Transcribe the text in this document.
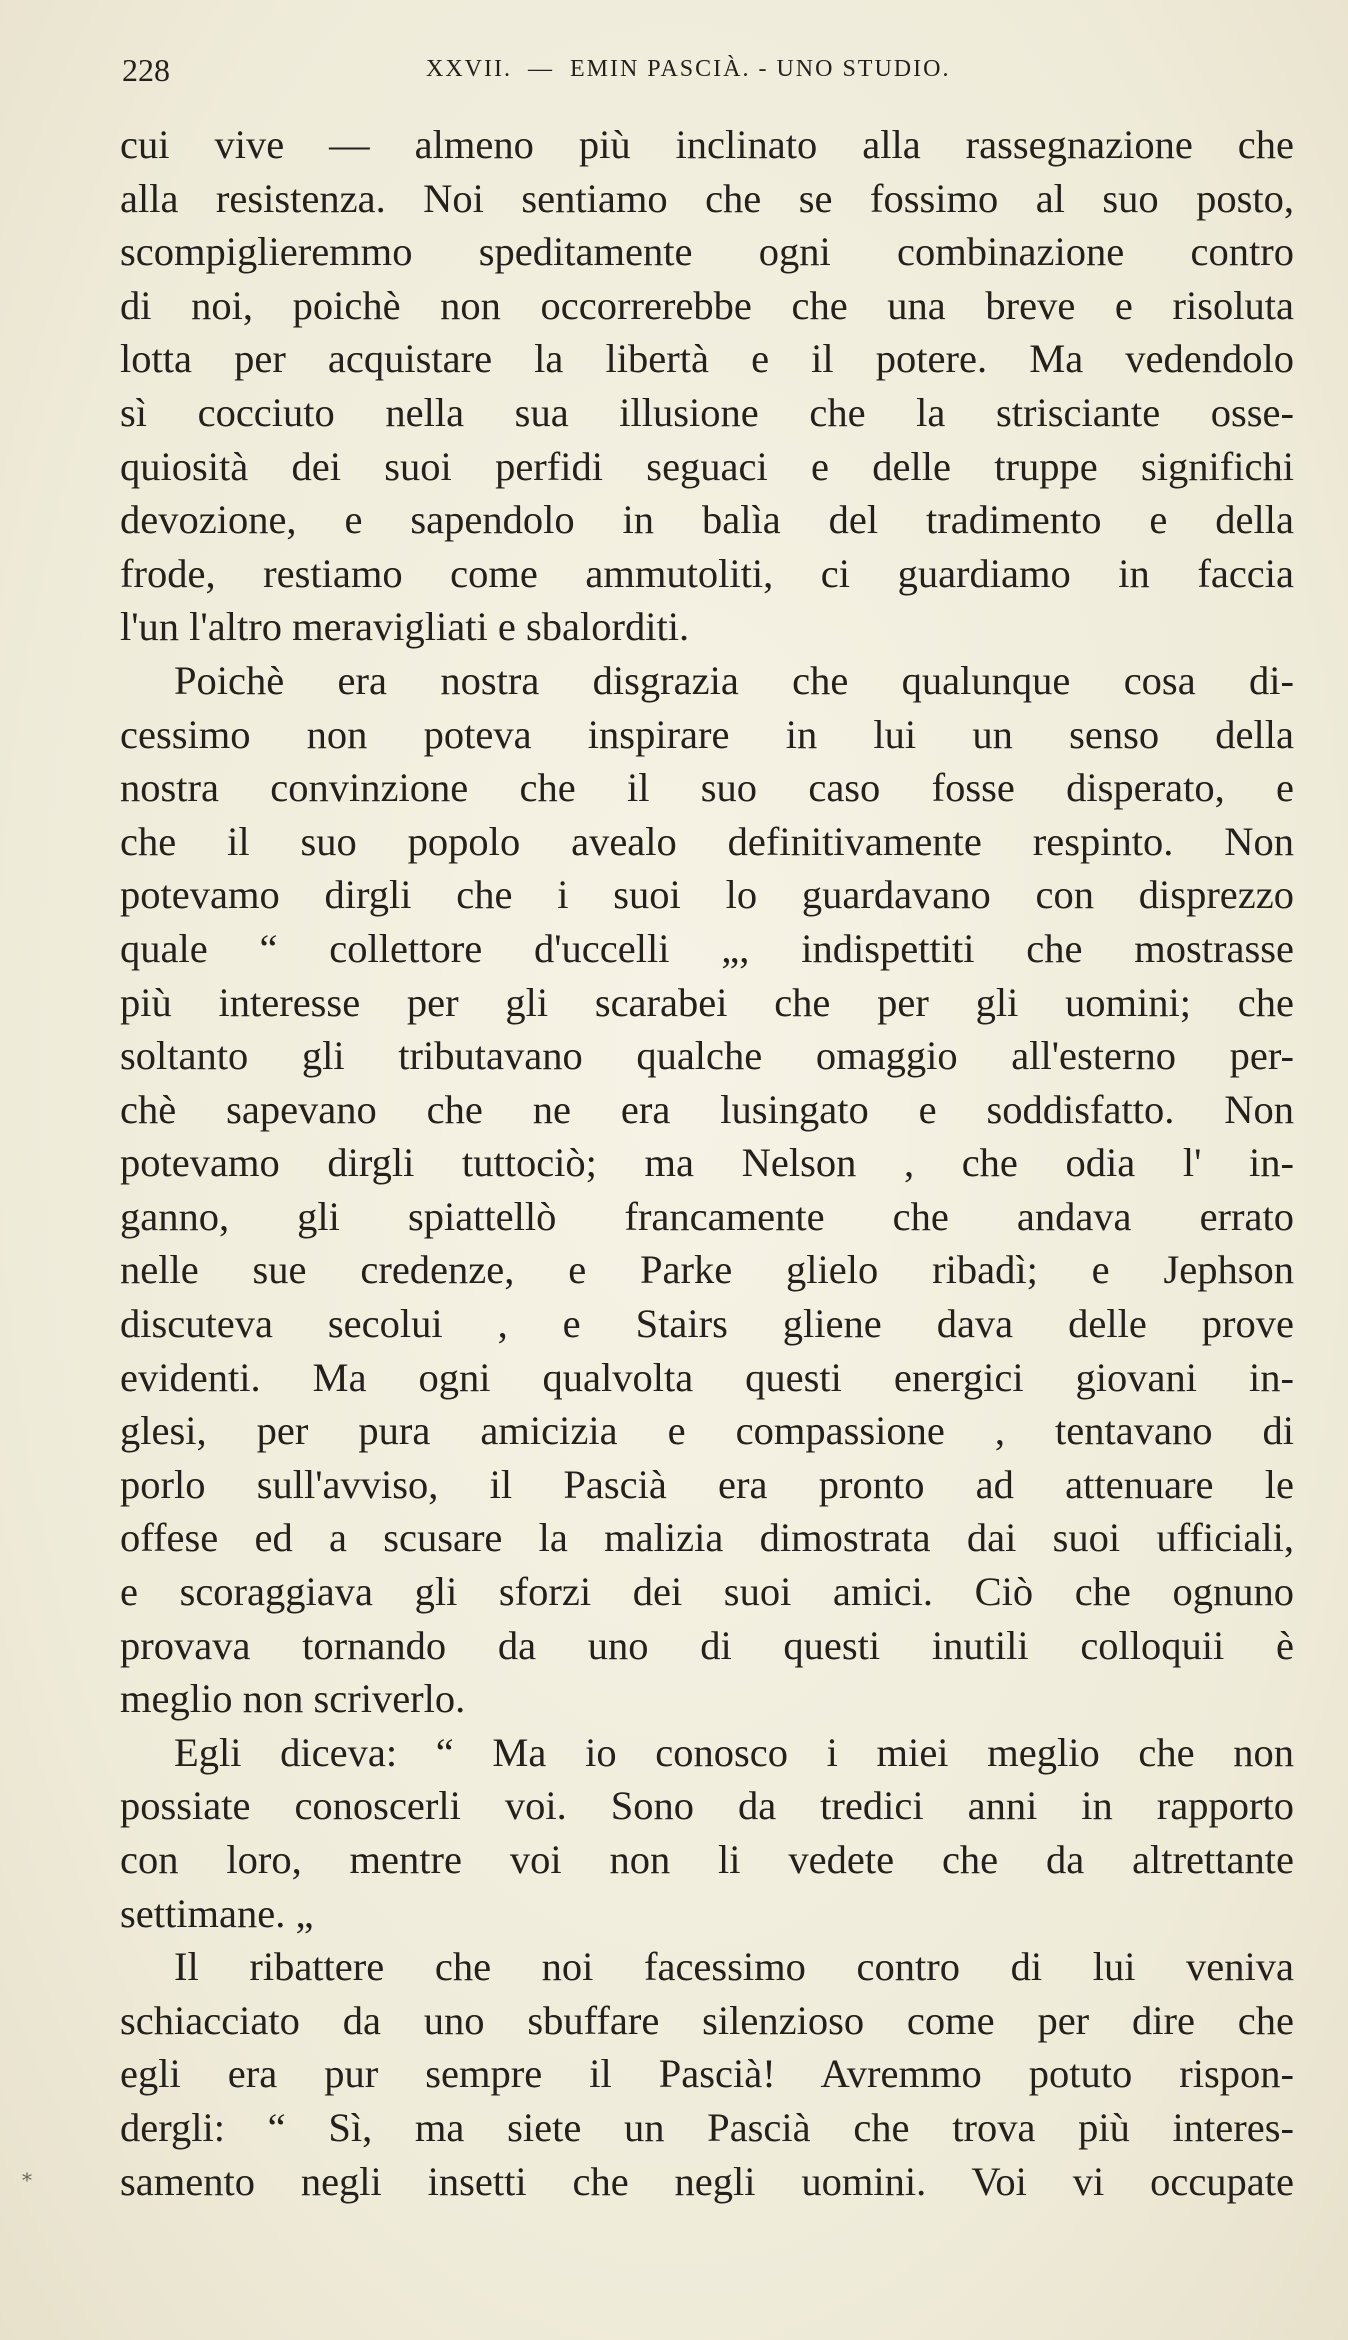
228	XXVII.  —  EMIN PASCIÀ. - UNO STUDIO.
cui vive — almeno più inclinato alla rassegnazione che
alla resistenza. Noi sentiamo che se fossimo al suo posto,
scompiglieremmo speditamente ogni combinazione contro
di noi, poichè non occorrerebbe che una breve e risoluta
lotta per acquistare la libertà e il potere. Ma vedendolo
sì cocciuto nella sua illusione che la strisciante osse-
quiosità dei suoi perfidi seguaci e delle truppe significhi
devozione, e sapendolo in balìa del tradimento e della
frode, restiamo come ammutoliti, ci guardiamo in faccia
l'un l'altro meravigliati e sbalorditi.
Poichè era nostra disgrazia che qualunque cosa di-
cessimo non poteva inspirare in lui un senso della
nostra convinzione che il suo caso fosse disperato, e
che il suo popolo avealo definitivamente respinto. Non
potevamo dirgli che i suoi lo guardavano con disprezzo
quale “ collettore d'uccelli „, indispettiti che mostrasse
più interesse per gli scarabei che per gli uomini; che
soltanto gli tributavano qualche omaggio all'esterno per-
chè sapevano che ne era lusingato e soddisfatto. Non
potevamo dirgli tuttociò; ma Nelson , che odia l' in-
ganno, gli spiattellò francamente che andava errato
nelle sue credenze, e Parke glielo ribadì; e Jephson
discuteva secolui , e Stairs gliene dava delle prove
evidenti. Ma ogni qualvolta questi energici giovani in-
glesi, per pura amicizia e compassione , tentavano di
porlo sull'avviso, il Pascià era pronto ad attenuare le
offese ed a scusare la malizia dimostrata dai suoi ufficiali,
e scoraggiava gli sforzi dei suoi amici. Ciò che ognuno
provava tornando da uno di questi inutili colloquii è
meglio non scriverlo.
Egli diceva: “ Ma io conosco i miei meglio che non
possiate conoscerli voi. Sono da tredici anni in rapporto
con loro, mentre voi non li vedete che da altrettante
settimane. „
Il ribattere che noi facessimo contro di lui veniva
schiacciato da uno sbuffare silenzioso come per dire che
egli era pur sempre il Pascià! Avremmo potuto rispon-
dergli: “ Sì, ma siete un Pascià che trova più interes-
samento negli insetti che negli uomini. Voi vi occupate
*
